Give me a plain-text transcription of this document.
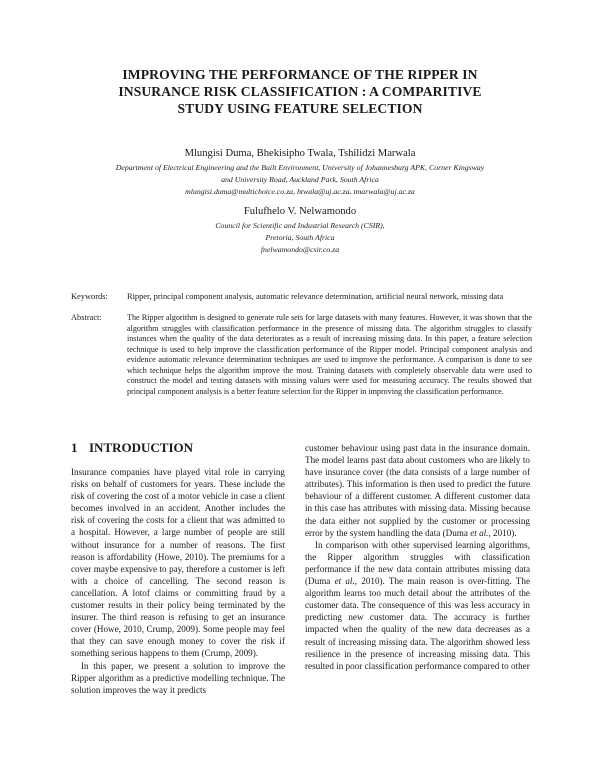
IMPROVING THE PERFORMANCE OF THE RIPPER IN
INSURANCE RISK CLASSIFICATION : A COMPARITIVE
STUDY USING FEATURE SELECTION
Mlungisi Duma, Bhekisipho Twala, Tshilidzi Marwala
Department of Electrical Engineering and the Built Environment, University of Johannesburg APK, Corner Kingsway
and University Road, Auckland Park, South Africa
mlungisi.duma@multichoice.co.za, btwala@uj.ac.za, tmarwala@uj.ac.za
Fulufhelo V. Nelwamondo
Council for Scientific and Industrial Research (CSIR),
Pretoria, South Africa
fnelwamondo@csir.co.za
Keywords: Ripper, principal component analysis, automatic relevance determination, artificial neural network, missing data
Abstract:	The Ripper algorithm is designed to generate rule sets for large datasets with many features. However, it was shown that the algorithm struggles with classification performance in the presence of missing data. The algorithm struggles to classify instances when the quality of the data deteriorates as a result of increasing missing data. In this paper, a feature selection technique is used to help improve the classification performance of the Ripper model. Principal component analysis and evidence automatic relevance determination techniques are used to improve the performance. A comparison is done to see which technique helps the algorithm improve the most. Training datasets with completely observable data were used to construct the model and testing datasets with missing values were used for measuring accuracy. The results showed that principal component analysis is a better feature selection for the Ripper in improving the classification performance.
1 INTRODUCTION

Insurance companies have played vital role in carrying risks on behalf of customers for years. These include the risk of covering the cost of a motor vehicle in case a client becomes involved in an accident. Another includes the risk of covering the costs for a client that was admitted to a hospital. However, a large number of people are still without insurance for a number of reasons. The first reason is affordability (Howe, 2010). The premiums for a cover maybe expensive to pay, therefore a customer is left with a choice of cancelling. The second reason is cancellation. A lotof claims or committing fraud by a customer results in their policy being terminated by the insurer. The third reason is refusing to get an insurance cover (Howe, 2010, Crump, 2009). Some people may feel that they can save enough money to cover the risk if something serious happens to them (Crump, 2009).

In this paper, we present a solution to improve the Ripper algorithm as a predictive modelling technique. The solution improves the way it predicts

customer behaviour using past data in the insurance domain. The model learns past data about customers who are likely to have insurance cover (the data consists of a large number of attributes). This information is then used to predict the future behaviour of a different customer. A different customer data in this case has attributes with missing data. Missing because the data either not supplied by the customer or processing error by the system handling the data (Duma et al., 2010).

In comparison with other supervised learning algorithms, the Ripper algorithm struggles with classification performance if the new data contain attributes missing data (Duma et al., 2010). The main reason is over-fitting. The algorithm learns too much detail about the attributes of the customer data. The consequence of this was less accuracy in predicting new customer data. The accuracy is further impacted when the quality of the new data decreases as a result of increasing missing data. The algorithm showed less resilience in the presence of increasing missing data. This resulted in poor classification performance compared to other
